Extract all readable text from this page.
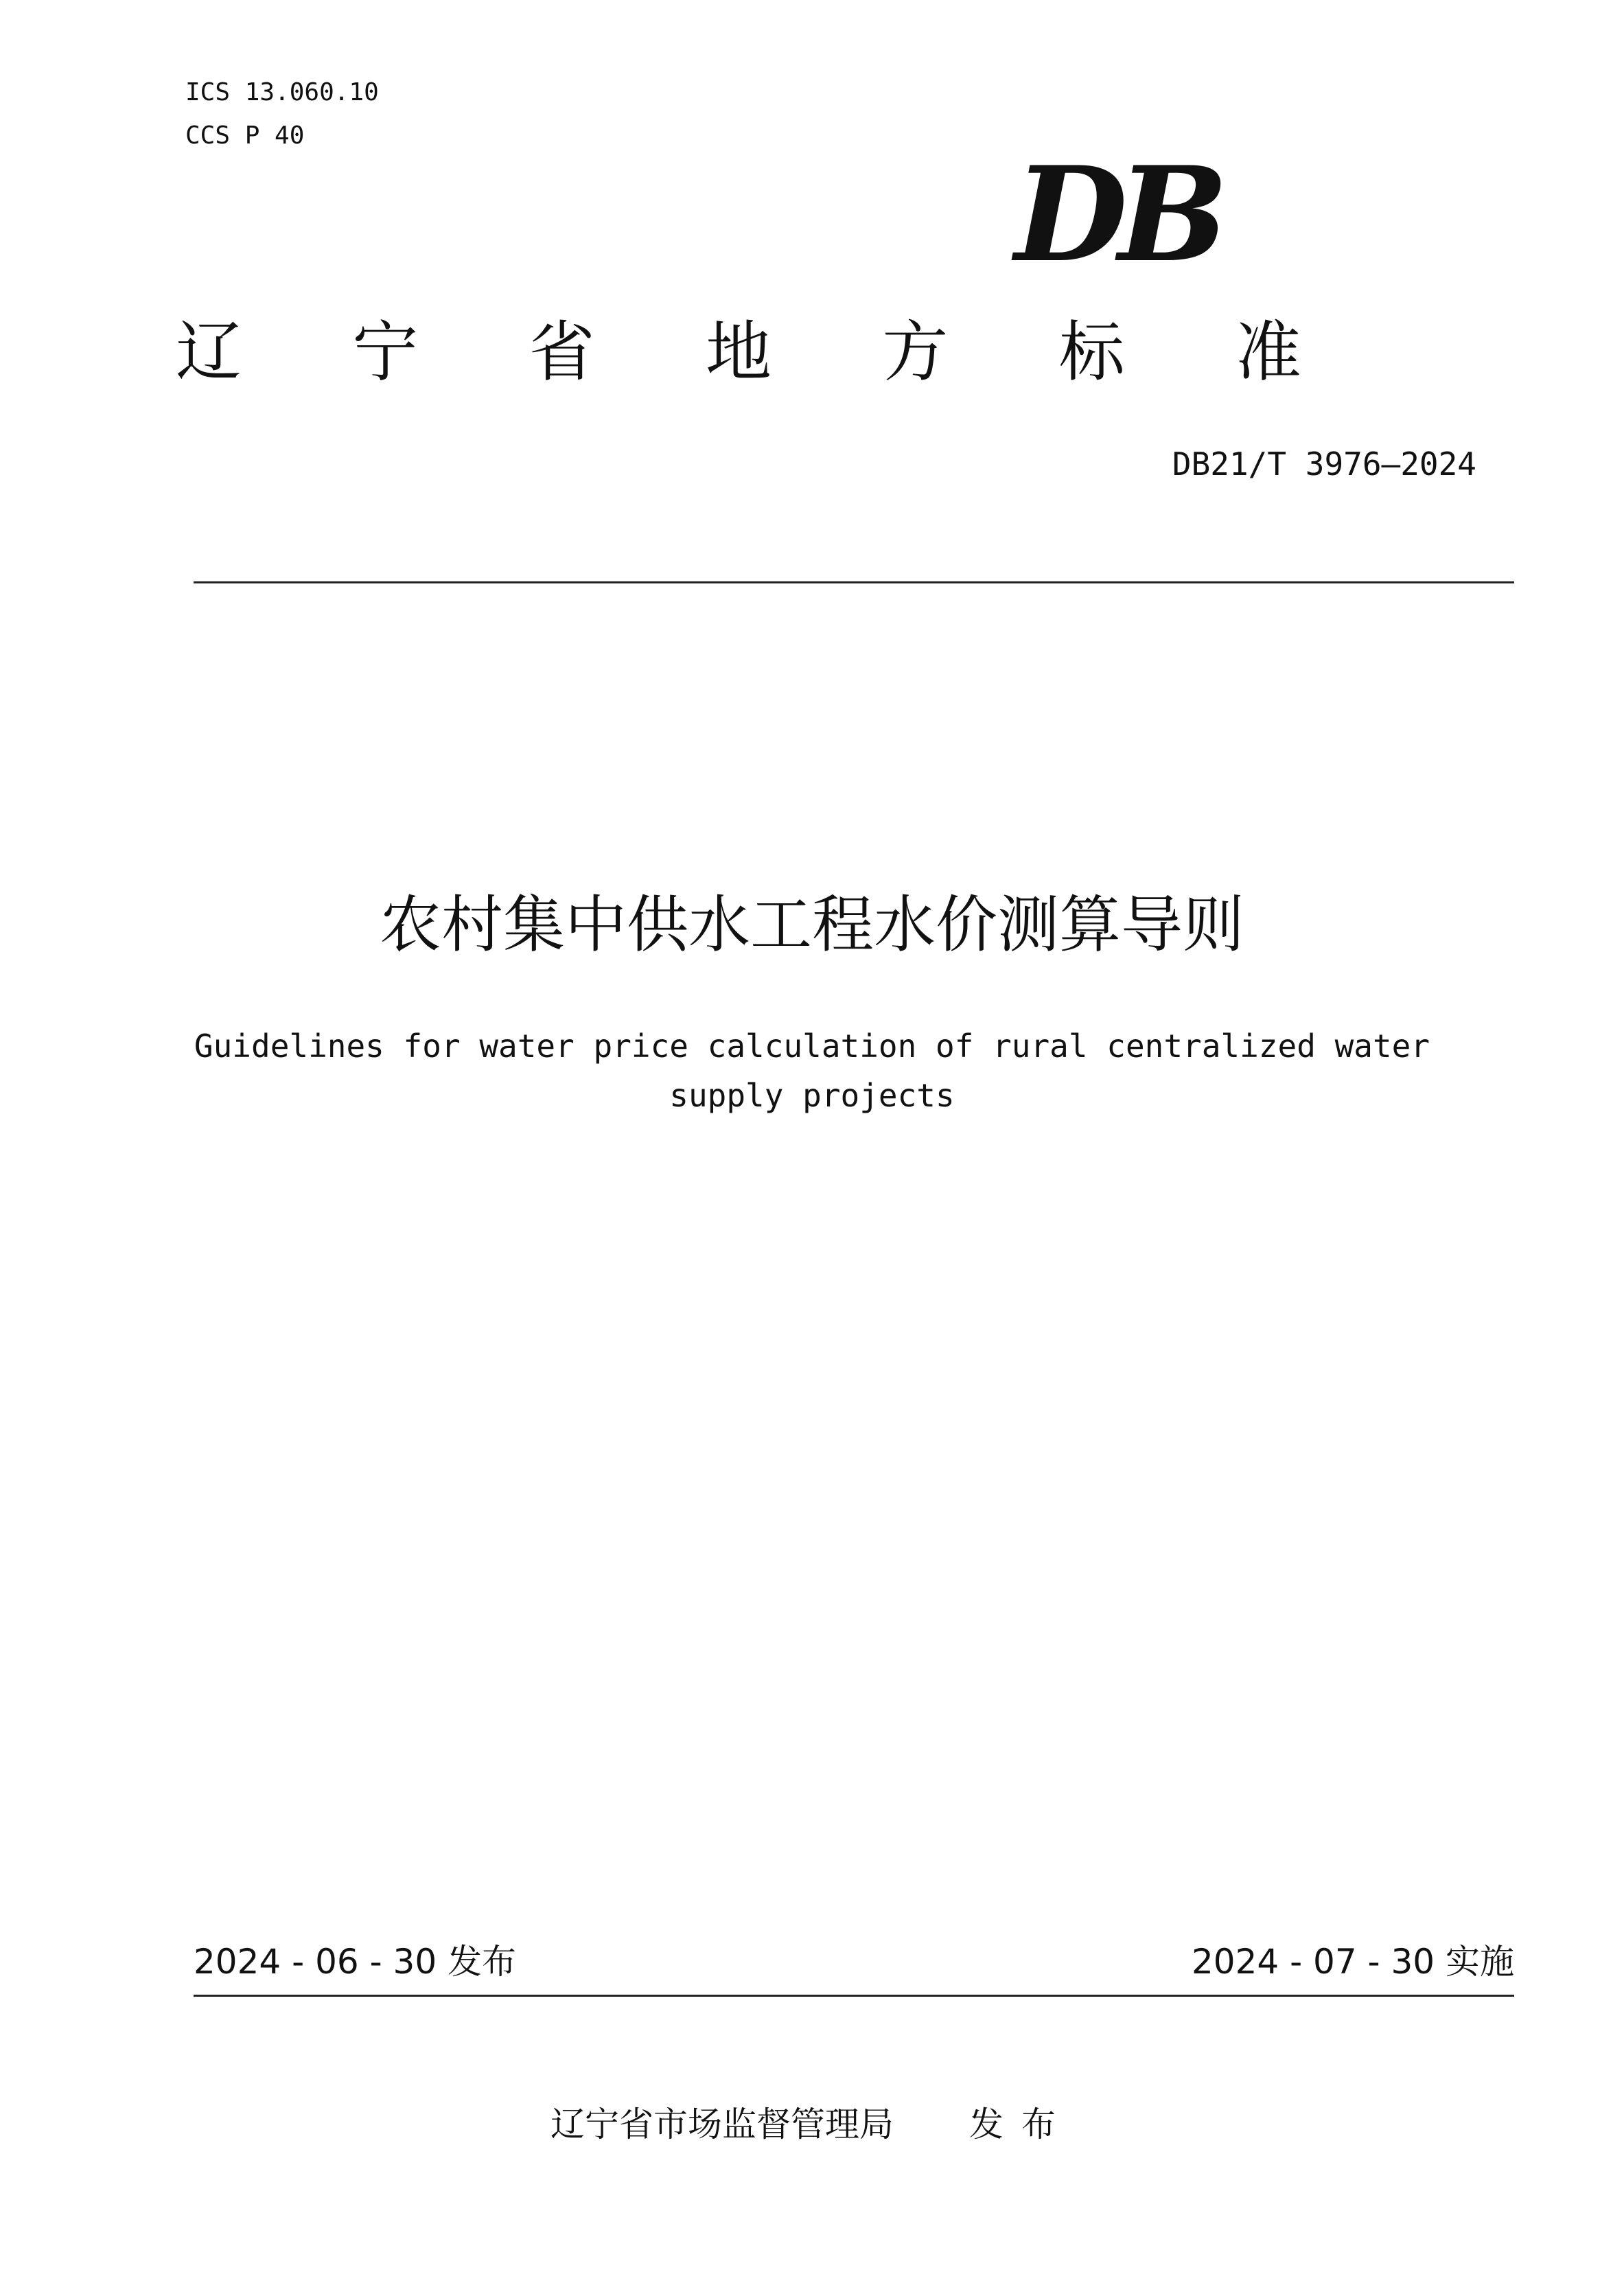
ICS 13.060.10
CCS P 40
DB
辽 宁 省 地 方 标 准
DB21/T 3976—2024
农村集中供水工程水价测算导则
Guidelines for water price calculation of rural centralized water supply projects
2024 - 06 - 30 发布	2024 - 07 - 30 实施
辽宁省市场监督管理局 发布
